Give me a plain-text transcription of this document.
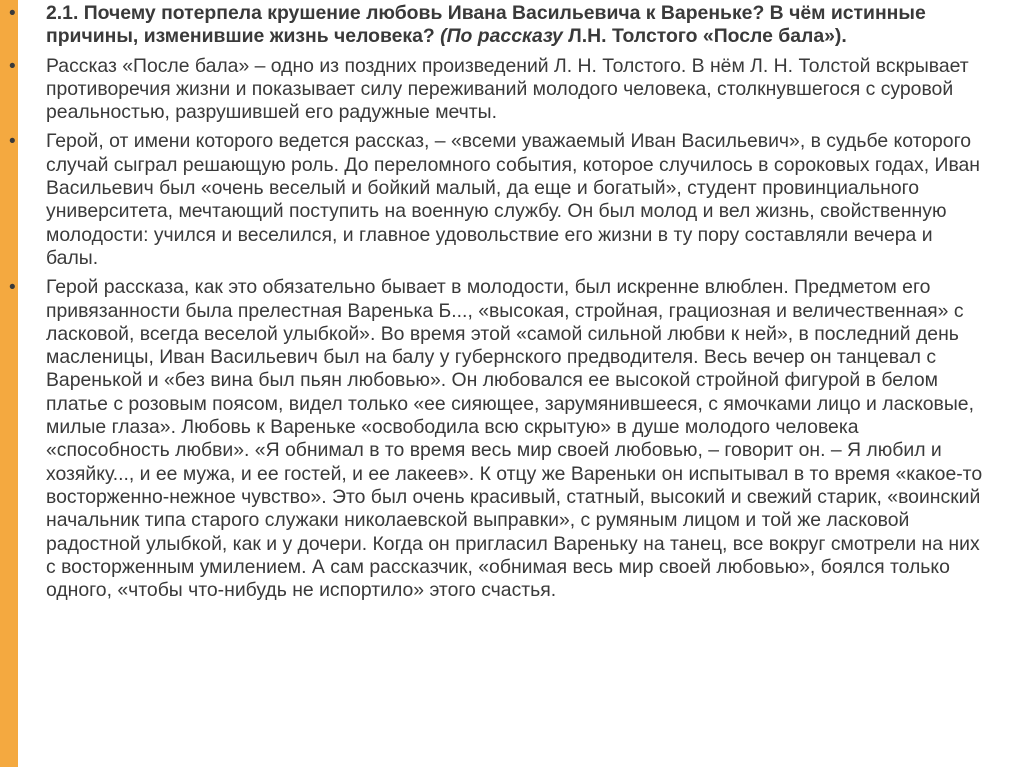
• 2.1. Почему потерпела крушение любовь Ивана Васильевича к Вареньке? В чём истинные причины, изменившие жизнь человека? (По рассказу Л.Н. Толстого «После бала»).
• Рассказ «После бала» – одно из поздних произведений Л. Н. Толстого. В нём Л. Н. Толстой вскрывает противоречия жизни и показывает силу переживаний молодого человека, столкнувшегося с суровой реальностью, разрушившей его радужные мечты.
• Герой, от имени которого ведется рассказ, – «всеми уважаемый Иван Васильевич», в судьбе которого случай сыграл решающую роль. До переломного события, которое случилось в сороковых годах, Иван Васильевич был «очень веселый и бойкий малый, да еще и богатый», студент провинциального университета, мечтающий поступить на военную службу. Он был молод и вел жизнь, свойственную молодости: учился и веселился, и главное удовольствие его жизни в ту пору составляли вечера и балы.
• Герой рассказа, как это обязательно бывает в молодости, был искренне влюблен. Предметом его привязанности была прелестная Варенька Б..., «высокая, стройная, грациозная и величественная» с ласковой, всегда веселой улыбкой». Во время этой «самой сильной любви к ней», в последний день масленицы, Иван Васильевич был на балу у губернского предводителя. Весь вечер он танцевал с Варенькой и «без вина был пьян любовью». Он любовался ее высокой стройной фигурой в белом платье с розовым поясом, видел только «ее сияющее, зарумянившееся, с ямочками лицо и ласковые, милые глаза». Любовь к Вареньке «освободила всю скрытую» в душе молодого человека «способность любви». «Я обнимал в то время весь мир своей любовью, – говорит он. – Я любил и хозяйку..., и ее мужа, и ее гостей, и ее лакеев». К отцу же Вареньки он испытывал в то время «какое-то восторженно-нежное чувство». Это был очень красивый, статный, высокий и свежий старик, «воинский начальник типа старого служаки николаевской выправки», с румяным лицом и той же ласковой радостной улыбкой, как и у дочери. Когда он пригласил Вареньку на танец, все вокруг смотрели на них с восторженным умилением. А сам рассказчик, «обнимая весь мир своей любовью», боялся только одного, «чтобы что-нибудь не испортило» этого счастья.
